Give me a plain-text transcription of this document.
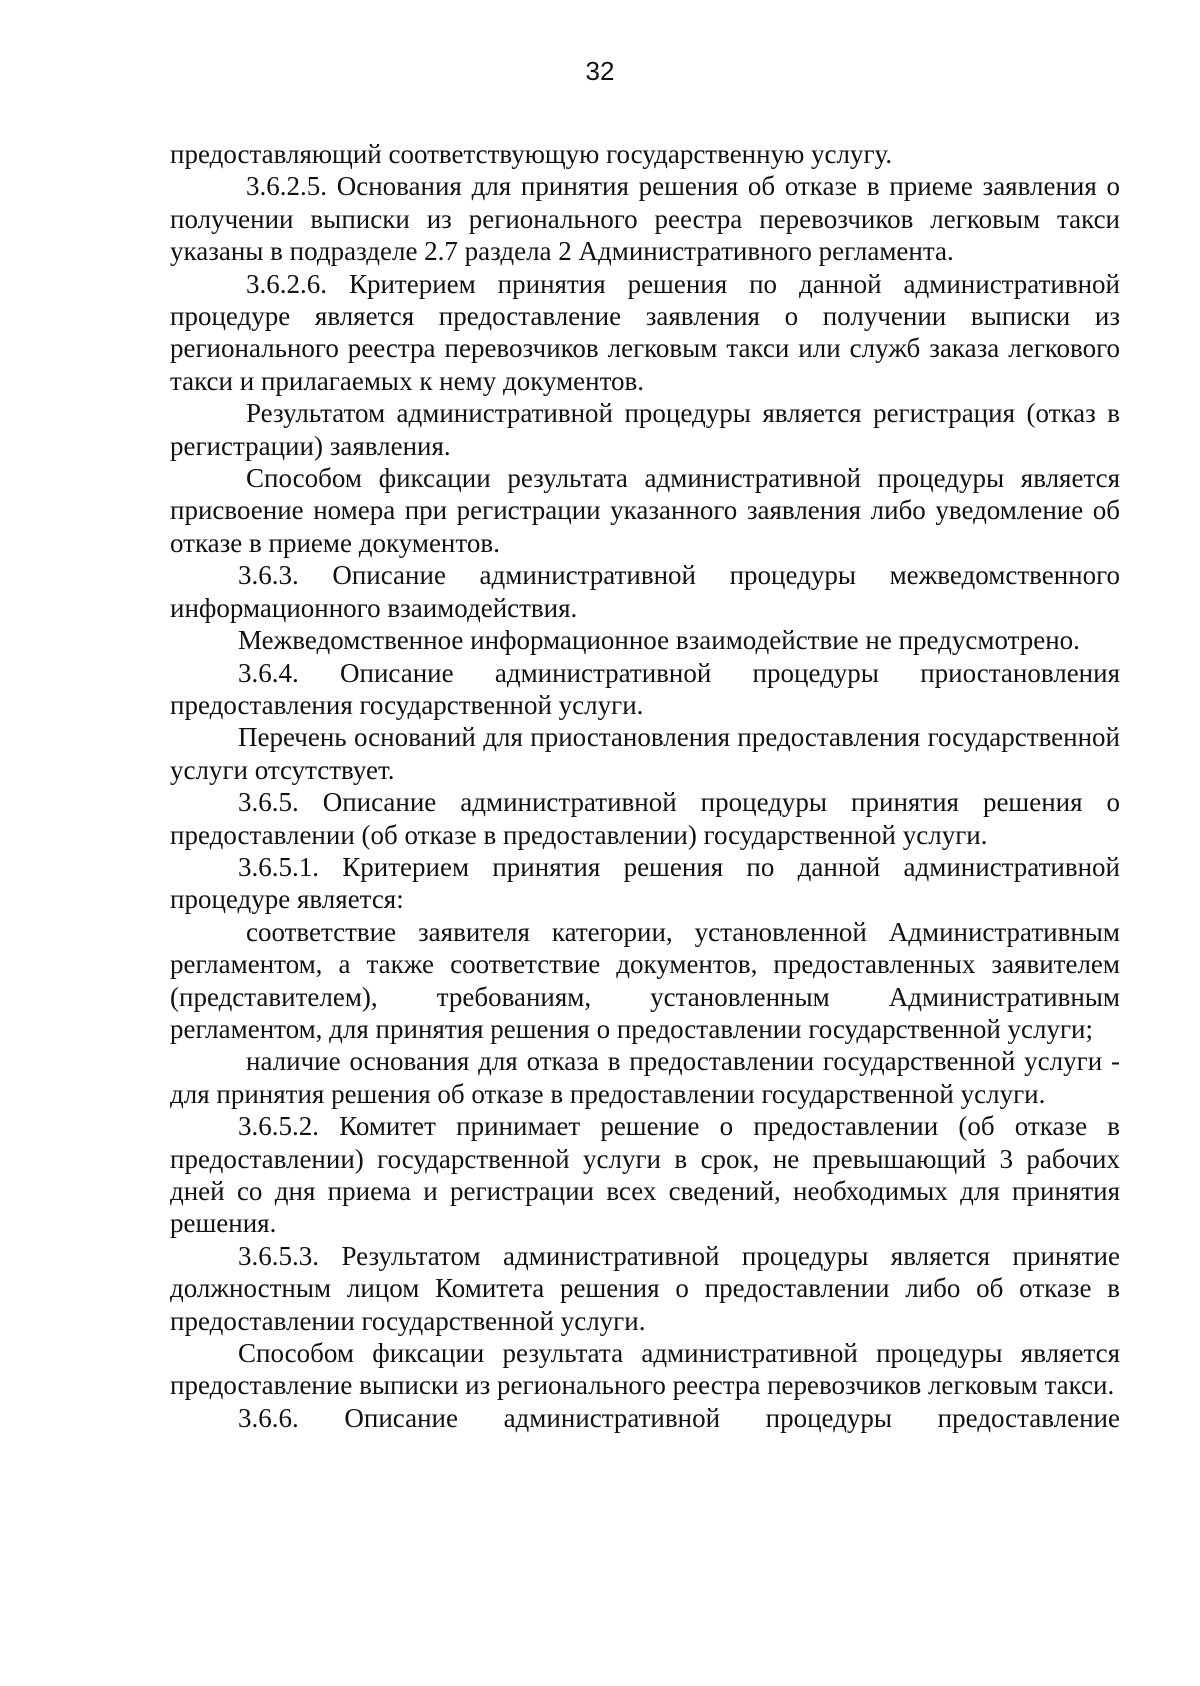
32

предоставляющий соответствующую государственную услугу.

3.6.2.5. Основания для принятия решения об отказе в приеме заявления о получении выписки из регионального реестра перевозчиков легковым такси указаны в подразделе 2.7 раздела 2 Административного регламента.

3.6.2.6. Критерием принятия решения по данной административной процедуре является предоставление заявления о получении выписки из регионального реестра перевозчиков легковым такси или служб заказа легкового такси и прилагаемых к нему документов.

Результатом административной процедуры является регистрация (отказ в регистрации) заявления.

Способом фиксации результата административной процедуры является присвоение номера при регистрации указанного заявления либо уведомление об отказе в приеме документов.

3.6.3. Описание административной процедуры межведомственного информационного взаимодействия.

Межведомственное информационное взаимодействие не предусмотрено.

3.6.4. Описание административной процедуры приостановления предоставления государственной услуги.

Перечень оснований для приостановления предоставления государственной услуги отсутствует.

3.6.5. Описание административной процедуры принятия решения о предоставлении (об отказе в предоставлении) государственной услуги.

3.6.5.1. Критерием принятия решения по данной административной процедуре является:

соответствие заявителя категории, установленной Административным регламентом, а также соответствие документов, предоставленных заявителем (представителем), требованиям, установленным Административным регламентом, для принятия решения о предоставлении государственной услуги;

наличие основания для отказа в предоставлении государственной услуги - для принятия решения об отказе в предоставлении государственной услуги.

3.6.5.2. Комитет принимает решение о предоставлении (об отказе в предоставлении) государственной услуги в срок, не превышающий 3 рабочих дней со дня приема и регистрации всех сведений, необходимых для принятия решения.

3.6.5.3. Результатом административной процедуры является принятие должностным лицом Комитета решения о предоставлении либо об отказе в предоставлении государственной услуги.

Способом фиксации результата административной процедуры является предоставление выписки из регионального реестра перевозчиков легковым такси.

3.6.6. Описание административной процедуры предоставление
